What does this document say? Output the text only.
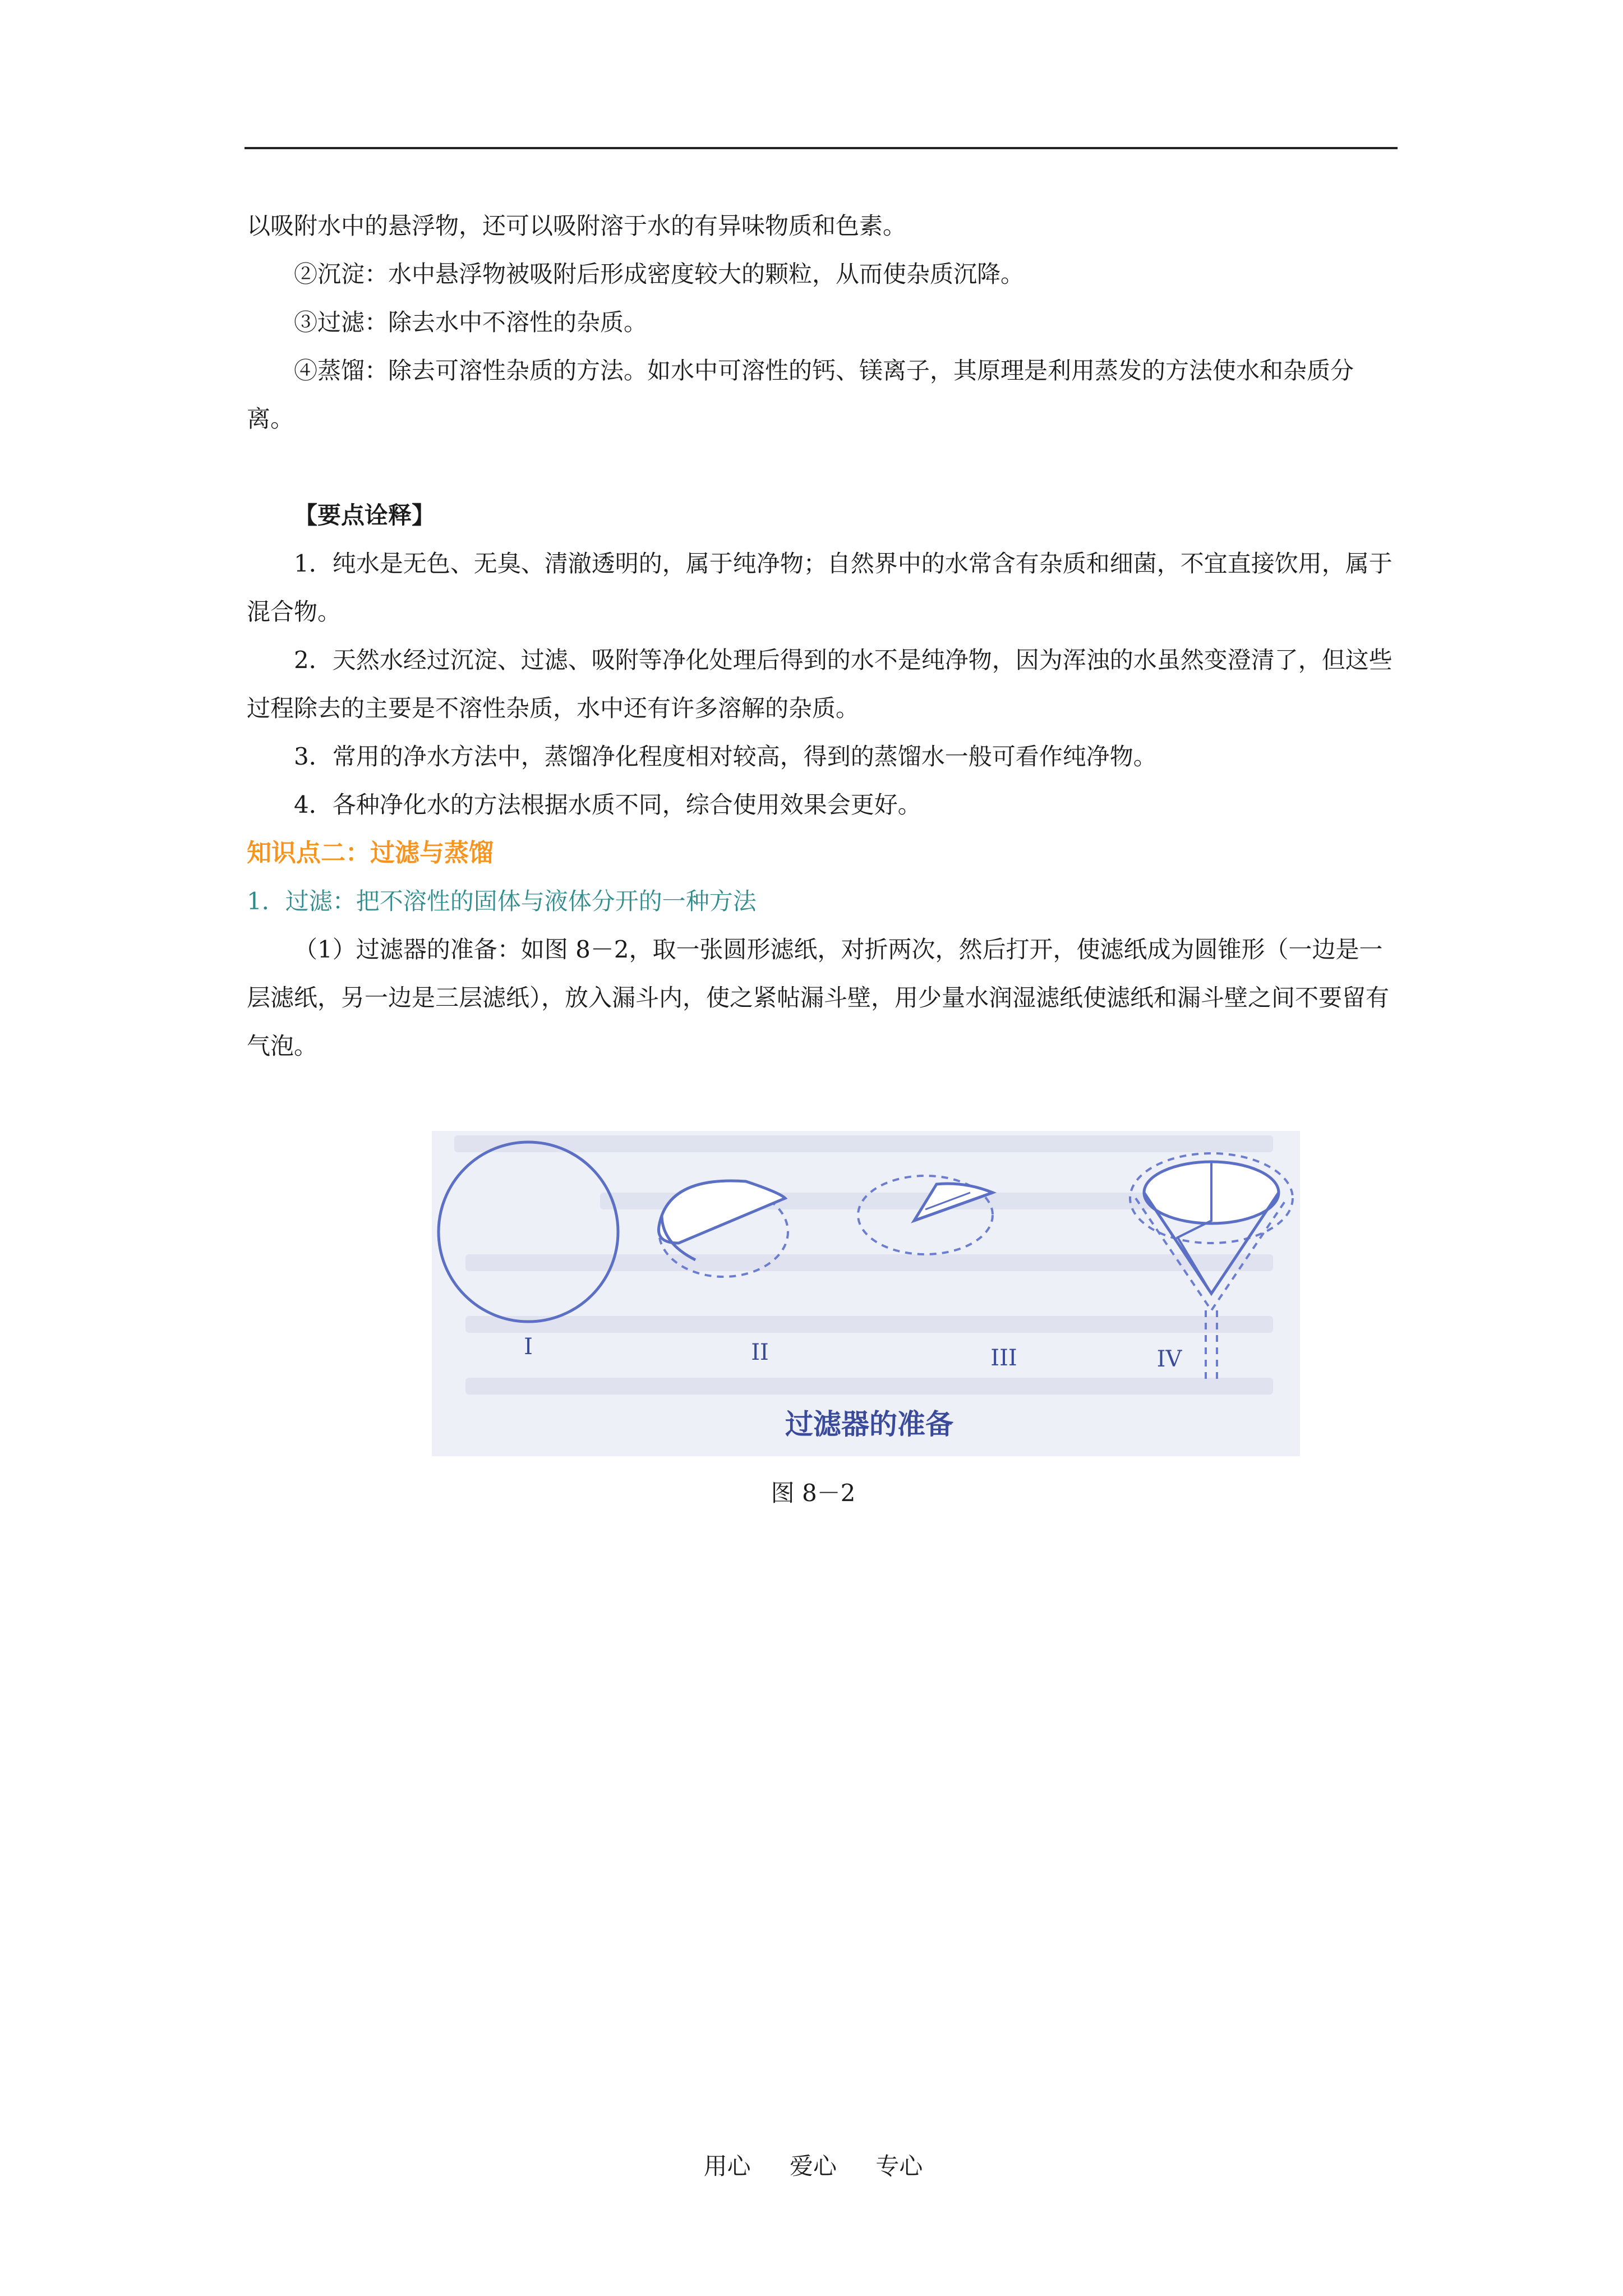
以吸附水中的悬浮物，还可以吸附溶于水的有异味物质和色素。

②沉淀：水中悬浮物被吸附后形成密度较大的颗粒，从而使杂质沉降。

③过滤：除去水中不溶性的杂质。

④蒸馏：除去可溶性杂质的方法。如水中可溶性的钙、镁离子，其原理是利用蒸发的方法使水和杂质分离。

【要点诠释】

1．纯水是无色、无臭、清澈透明的，属于纯净物；自然界中的水常含有杂质和细菌，不宜直接饮用，属于混合物。

2．天然水经过沉淀、过滤、吸附等净化处理后得到的水不是纯净物，因为浑浊的水虽然变澄清了，但这些过程除去的主要是不溶性杂质，水中还有许多溶解的杂质。

3．常用的净水方法中，蒸馏净化程度相对较高，得到的蒸馏水一般可看作纯净物。

4．各种净化水的方法根据水质不同，综合使用效果会更好。

知识点二：过滤与蒸馏

1．过滤：把不溶性的固体与液体分开的一种方法

（1）过滤器的准备：如图 8－2，取一张圆形滤纸，对折两次，然后打开，使滤纸成为圆锥形（一边是一层滤纸，另一边是三层滤纸），放入漏斗内，使之紧帖漏斗壁，用少量水润湿滤纸使滤纸和漏斗壁之间不要留有气泡。

I	II	III	IV
过滤器的准备
图 8－2
用心 爱心 专心
